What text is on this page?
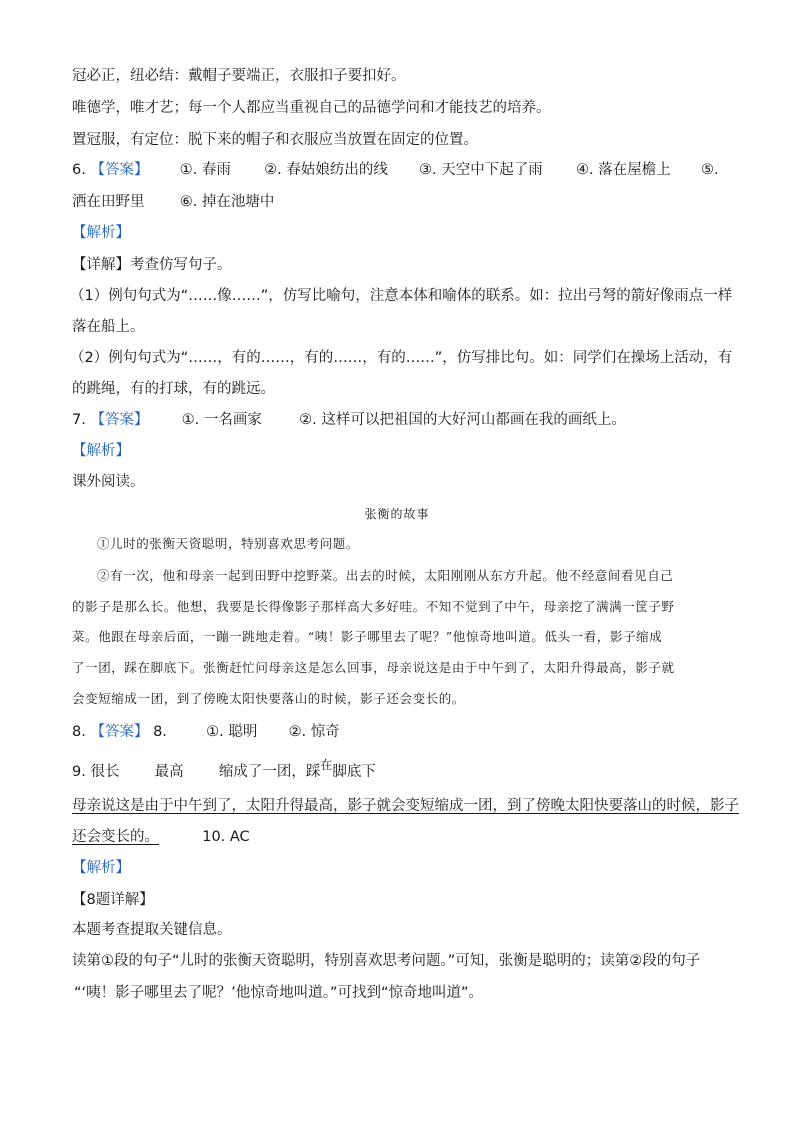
冠必正，纽必结：戴帽子要端正，衣服扣子要扣好。
唯德学，唯才艺；每一个人都应当重视自己的品德学问和才能技艺的培养。
置冠服，有定位：脱下来的帽子和衣服应当放置在固定的位置。
6. 【答案】 ①. 春雨 ②. 春姑娘纺出的线 ③. 天空中下起了雨 ④. 落在屋檐上 ⑤.
洒在田野里 ⑥. 掉在池塘中
【解析】
【详解】考查仿写句子。
（1）例句句式为“……像……”，仿写比喻句，注意本体和喻体的联系。如：拉出弓弩的箭好像雨点一样
落在船上。
（2）例句句式为“……，有的……，有的……，有的……”，仿写排比句。如：同学们在操场上活动，有
的跳绳，有的打球，有的跳远。
7. 【答案】 ①. 一名画家	②. 这样可以把祖国的大好河山都画在我的画纸上。
【解析】
课外阅读。
张衡的故事
①儿时的张衡天资聪明，特别喜欢思考问题。
②有一次，他和母亲一起到田野中挖野菜。出去的时候，太阳刚刚从东方升起。他不经意间看见自己
的影子是那么长。他想，我要是长得像影子那样高大多好哇。不知不觉到了中午，母亲挖了满满一筐子野
菜。他跟在母亲后面，一蹦一跳地走着。“咦！影子哪里去了呢？”他惊奇地叫道。低头一看，影子缩成
了一团，踩在脚底下。张衡赶忙问母亲这是怎么回事，母亲说这是由于中午到了，太阳升得最高，影子就
会变短缩成一团，到了傍晚太阳快要落山的时候，影子还会变长的。
8. 【答案】 8.	①. 聪明 ②. 惊奇
9. 很长 最高 缩成了一团，踩$^在$脚底下
母亲说这是由于中午到了，太阳升得最高，影子就会变短缩成一团，到了傍晚太阳快要落山的时候，影子
还会变长的。	10. AC
【解析】
【8题详解】
本题考查提取关键信息。
读第①段的句子“儿时的张衡天资聪明，特别喜欢思考问题。”可知，张衡是聪明的；读第②段的句子
“‘咦！影子哪里去了呢？’他惊奇地叫道。”可找到“惊奇地叫道”。
